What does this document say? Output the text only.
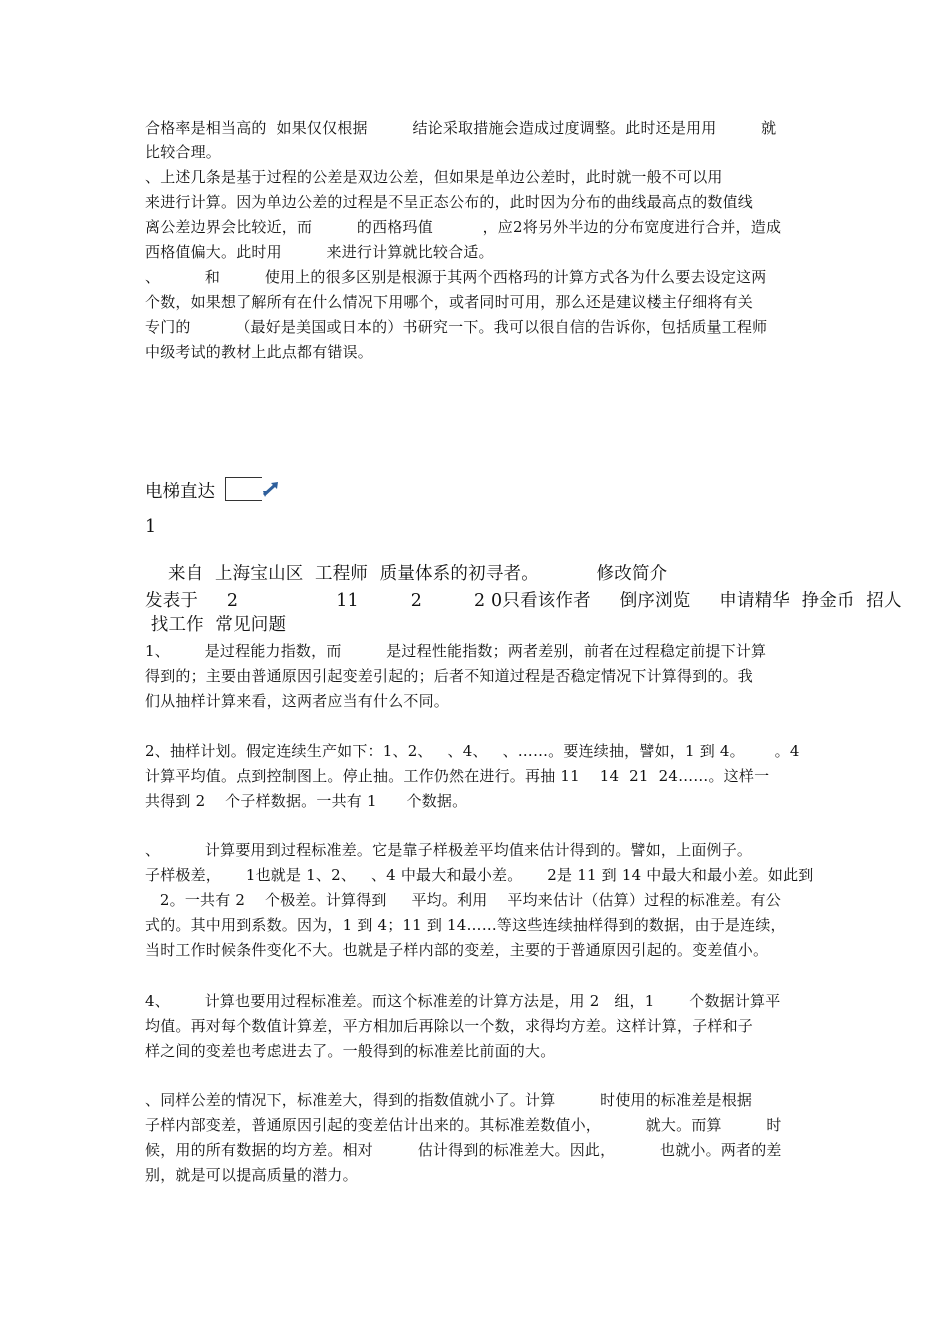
合格率是相当高的  如果仅仅根据         结论采取措施会造成过度调整。此时还是用用         就
比较合理。
、上述几条是基于过程的公差是双边公差，但如果是单边公差时，此时就一般不可以用
来进行计算。因为单边公差的过程是不呈正态公布的，此时因为分布的曲线最高点的数值线
离公差边界会比较近，而         的西格玛值          ，应2将另外半边的分布宽度进行合并，造成
西格值偏大。此时用         来进行计算就比较合适。
、         和         使用上的很多区别是根源于其两个西格玛的计算方式各为什么要去设定这两
个数，如果想了解所有在什么情况下用哪个，或者同时可用，那么还是建议楼主仔细将有关
专门的         （最好是美国或日本的）书研究一下。我可以很自信的告诉你，包括质量工程师
中级考试的教材上此点都有错误。
电梯直达
1
来自  上海宝山区  工程师  质量体系的初寻者。          修改简介
发表于     2                 11         2         2 0只看该作者     倒序浏览     申请精华  挣金币  招人
找工作  常见问题
1、       是过程能力指数，而         是过程性能指数；两者差别，前者在过程稳定前提下计算
得到的；主要由普通原因引起变差引起的；后者不知道过程是否稳定情况下计算得到的。我
们从抽样计算来看，这两者应当有什么不同。
2、抽样计划。假定连续生产如下：1、2、   、4、   、……。要连续抽，譬如，1 到 4。      。4
计算平均值。点到控制图上。停止抽。工作仍然在进行。再抽 11    14  21  24……。这样一
共得到 2    个子样数据。一共有 1      个数据。
、         计算要用到过程标准差。它是靠子样极差平均值来估计得到的。譬如，上面例子。
子样极差，     1也就是 1、2、   、4 中最大和最小差。     2是 11 到 14 中最大和最小差。如此到
2。一共有 2    个极差。计算得到     平均。利用    平均来估计（估算）过程的标准差。有公
式的。其中用到系数。因为，1 到 4；11 到 14……等这些连续抽样得到的数据，由于是连续，
当时工作时候条件变化不大。也就是子样内部的变差，主要的于普通原因引起的。变差值小。
4、       计算也要用过程标准差。而这个标准差的计算方法是，用 2   组，1       个数据计算平
均值。再对每个数值计算差，平方相加后再除以一个数，求得均方差。这样计算，子样和子
样之间的变差也考虑进去了。一般得到的标准差比前面的大。
、同样公差的情况下，标准差大，得到的指数值就小了。计算         时使用的标准差是根据
子样内部变差，普通原因引起的变差估计出来的。其标准差数值小，         就大。而算         时
候，用的所有数据的均方差。相对         估计得到的标准差大。因此，         也就小。两者的差
别，就是可以提高质量的潜力。
